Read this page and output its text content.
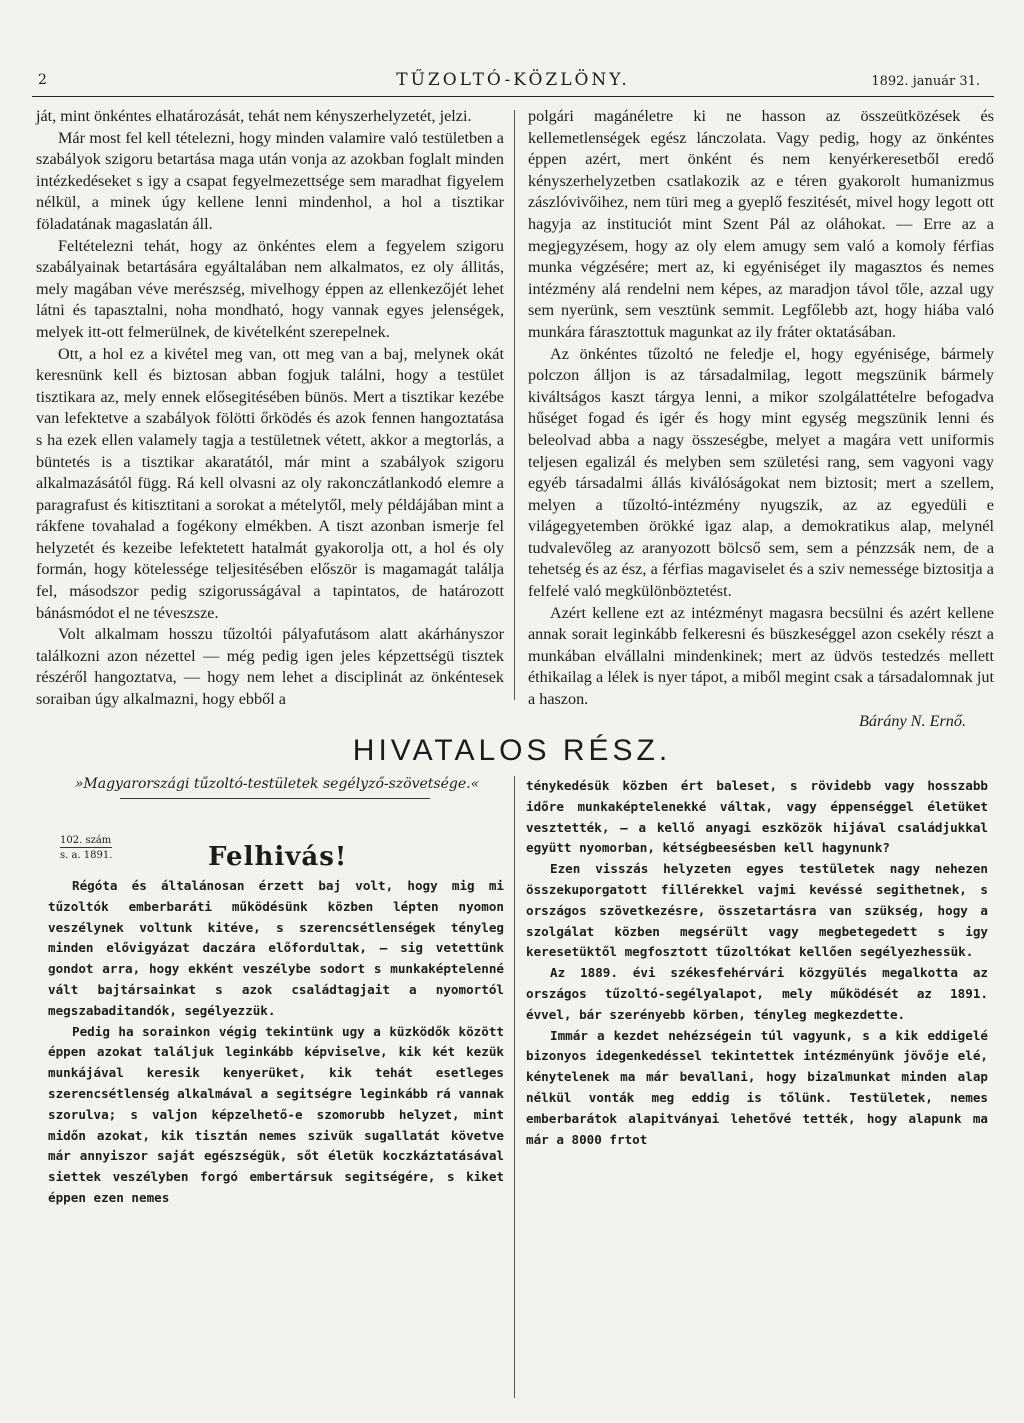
2	TŰZOLTÓ-KÖZLÖNY.	1892. január 31.

ját, mint önkéntes elhatározását, tehát nem kényszerhelyzetét, jelzi.

Már most fel kell tételezni, hogy minden valamire való testületben a szabályok szigoru betartása maga után vonja az azokban foglalt minden intézkedéseket s igy a csapat fegyelmezettsége sem maradhat figyelem nélkül, a minek úgy kellene lenni mindenhol, a hol a tisztikar föladatának magaslatán áll.

Feltételezni tehát, hogy az önkéntes elem a fegyelem szigoru szabályainak betartására egyáltalában nem alkalmatos, ez oly állitás, mely magában véve merészség, mivelhogy éppen az ellenkezőjét lehet látni és tapasztalni, noha mondható, hogy vannak egyes jelenségek, melyek itt-ott felmerülnek, de kivételként szerepelnek.

Ott, a hol ez a kivétel meg van, ott meg van a baj, melynek okát keresnünk kell és biztosan abban fogjuk találni, hogy a testület tisztikara az, mely ennek elősegitésében bünös. Mert a tisztikar kezébe van lefektetve a szabályok fölötti őrködés és azok fennen hangoztatása s ha ezek ellen valamely tagja a testületnek vétett, akkor a megtorlás, a büntetés is a tisztikar akaratától, már mint a szabályok szigoru alkalmazásától függ. Rá kell olvasni az oly rakonczátlankodó elemre a paragrafust és kitisztitani a sorokat a mételytől, mely példájában mint a rákfene tovahalad a fogékony elmékben. A tiszt azonban ismerje fel helyzetét és kezeibe lefektetett hatalmát gyakorolja ott, a hol és oly formán, hogy kötelessége teljesitésében először is magamagát találja fel, másodszor pedig szigorusságával a tapintatos, de határozott bánásmódot el ne téveszsze.

Volt alkalmam hosszu tűzoltói pályafutásom alatt akárhányszor találkozni azon nézettel — még pedig igen jeles képzettségü tisztek részéről hangoztatva, — hogy nem lehet a disciplinát az önkéntesek soraiban úgy alkalmazni, hogy ebből a

polgári magánéletre ki ne hasson az összeütközések és kellemetlenségek egész lánczolata. Vagy pedig, hogy az önkéntes éppen azért, mert önként és nem kenyérkeresetből eredő kényszerhelyzetben csatlakozik az e téren gyakorolt humanizmus zászlóvivőihez, nem türi meg a gyeplő feszitését, mivel hogy legott ott hagyja az instituciót mint Szent Pál az oláhokat. — Erre az a megjegyzésem, hogy az oly elem amugy sem való a komoly férfias munka végzésére; mert az, ki egyéniséget ily magasztos és nemes intézmény alá rendelni nem képes, az maradjon távol tőle, azzal ugy sem nyerünk, sem vesztünk semmit. Legfőlebb azt, hogy hiába való munkára fárasztottuk magunkat az ily fráter oktatásában.

Az önkéntes tűzoltó ne feledje el, hogy egyénisége, bármely polczon álljon is az társadalmilag, legott megszünik bármely kiváltságos kaszt tárgya lenni, a mikor szolgálattételre befogadva hűséget fogad és igér és hogy mint egység megszünik lenni és beleolvad abba a nagy összeségbe, melyet a magára vett uniformis teljesen egalizál és melyben sem születési rang, sem vagyoni vagy egyéb társadalmi állás kiválóságokat nem biztosit; mert a szellem, melyen a tűzoltó-intézmény nyugszik, az az egyedüli e világegyetemben örökké igaz alap, a demokratikus alap, melynél tudvalevőleg az aranyozott bölcső sem, sem a pénzzsák nem, de a tehetség és az ész, a férfias magaviselet és a sziv nemessége biztositja a felfelé való megkülönböztetést.

Azért kellene ezt az intézményt magasra becsülni és azért kellene annak sorait leginkább felkeresni és büszkeséggel azon csekély részt a munkában elvállalni mindenkinek; mert az üdvös testedzés mellett éthikailag a lélek is nyer tápot, a miből megint csak a társadalomnak jut a haszon.

Bárány N. Ernő.

HIVATALOS RÉSZ.
»Magyarországi tűzoltó-testületek segélyző-szövetsége.«
102. szám
s. a. 1891.	Felhivás!

Régóta és általánosan érzett baj volt, hogy mig mi tűzoltók emberbaráti működésünk közben lépten nyomon veszélynek voltunk kitéve, s szerencsétlenségek tényleg minden elővigyázat daczára előfordultak, — sig vetettünk gondot arra, hogy ekként veszélybe sodort s munkaképtelenné vált bajtársainkat s azok családtagjait a nyomortól megszabaditandók, segélyezzük.

Pedig ha sorainkon végig tekintünk ugy a küzködők között éppen azokat találjuk leginkább képviselve, kik két kezük munkájával keresik kenyerüket, kik tehát esetleges szerencsétlenség alkalmával a segitségre leginkább rá vannak szorulva; s valjon képzelhető-e szomorubb helyzet, mint midőn azokat, kik tisztán nemes szivük sugallatát követve már annyiszor saját egészségük, sőt életük koczkáztatásával siettek veszélyben forgó embertársuk segitségére, s kiket éppen ezen nemes

ténykedésük közben ért baleset, s rövidebb vagy hosszabb időre munkaképtelenekké váltak, vagy éppenséggel életüket vesztették, — a kellő anyagi eszközök hijával családjukkal együtt nyomorban, kétségbeesésben kell hagynunk?

Ezen visszás helyzeten egyes testületek nagy nehezen összekuporgatott fillérekkel vajmi kevéssé segithetnek, s országos szövetkezésre, összetartásra van szükség, hogy a szolgálat közben megsérült vagy megbetegedett s igy keresetüktől megfosztott tűzoltókat kellően segélyezhessük.

Az 1889. évi székesfehérvári közgyülés megalkotta az országos tűzoltó-segélyalapot, mely működését az 1891. évvel, bár szerényebb körben, tényleg megkezdette.

Immár a kezdet nehézségein túl vagyunk, s a kik eddigelé bizonyos idegenkedéssel tekintettek intézményünk jövője elé, kénytelenek ma már bevallani, hogy bizalmunkat minden alap nélkül vonták meg eddig is tőlünk. Testületek, nemes emberbarátok alapitványai lehetővé tették, hogy alapunk ma már a 8000 frtot
